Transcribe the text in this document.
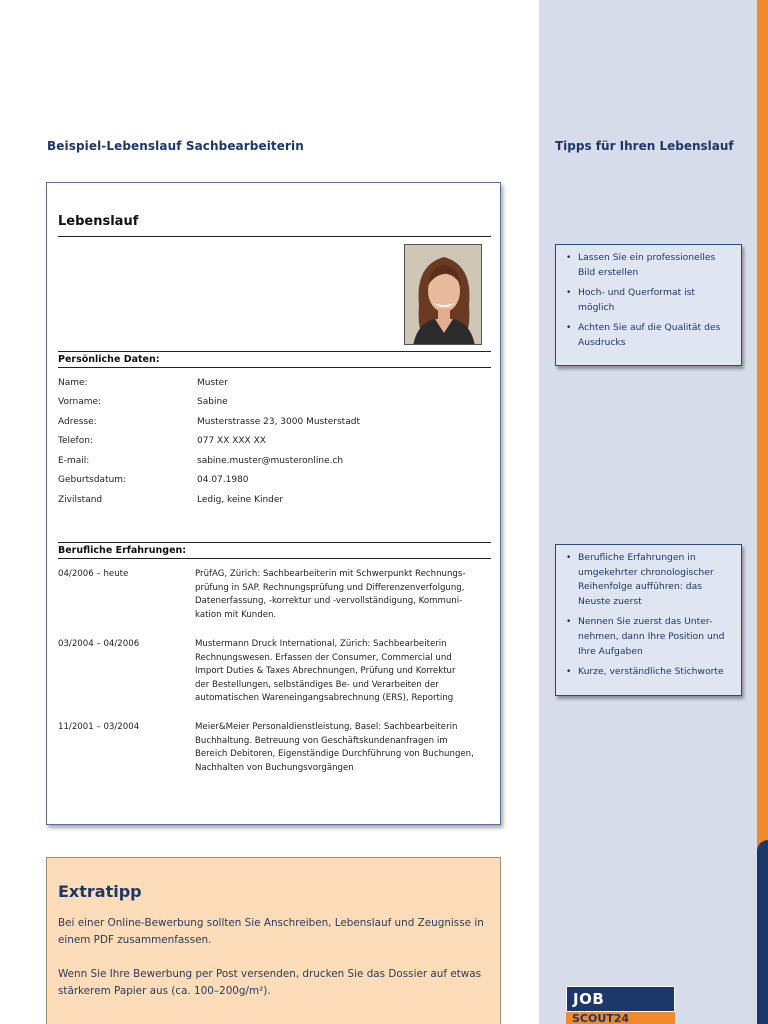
Beispiel-Lebenslauf Sachbearbeiterin	Tipps für Ihren Lebenslauf
Lebenslauf
Persönliche Daten:
Name:	Muster
Vorname:	Sabine
Adresse:	Musterstrasse 23, 3000 Musterstadt
Telefon:	077 XX XXX XX
E-mail:	sabine.muster@musteronline.ch
Geburtsdatum:	04.07.1980
Zivilstand	Ledig, keine Kinder
Berufliche Erfahrungen:
04/2006 – heute	PrüfAG, Zürich: Sachbearbeiterin mit Schwerpunkt Rechnungs-
prüfung in SAP. Rechnungsprüfung und Differenzenverfolgung,
Datenerfassung, -korrektur und -vervollständigung, Kommuni-
kation mit Kunden.
03/2004 – 04/2006	Mustermann Druck International, Zürich: Sachbearbeiterin
Rechnungswesen. Erfassen der Consumer, Commercial und
Import Duties & Taxes Abrechnungen, Prüfung und Korrektur
der Bestellungen, selbständiges Be- und Verarbeiten der
automatischen Wareneingangsabrechnung (ERS), Reporting
11/2001 – 03/2004	Meier&Meier Personaldienstleistung, Basel: Sachbearbeiterin
Buchhaltung. Betreuung von Geschäftskundenanfragen im
Bereich Debitoren, Eigenständige Durchführung von Buchungen,
Nachhalten von Buchungsvorgängen
• Lassen Sie ein professionelles Bild erstellen
• Hoch- und Querformat ist möglich
• Achten Sie auf die Qualität des Ausdrucks
• Berufliche Erfahrungen in umgekehrter chronologischer Reihenfolge aufführen: das Neuste zuerst
• Nennen Sie zuerst das Unter-nehmen, dann Ihre Position und Ihre Aufgaben
• Kurze, verständliche Stichworte
Extratipp
Bei einer Online-Bewerbung sollten Sie Anschreiben, Lebenslauf und Zeugnisse in einem PDF zusammenfassen.
Wenn Sie Ihre Bewerbung per Post versenden, drucken Sie das Dossier auf etwas stärkerem Papier aus (ca. 100–200g/m²).	JOB
SCOUT24
